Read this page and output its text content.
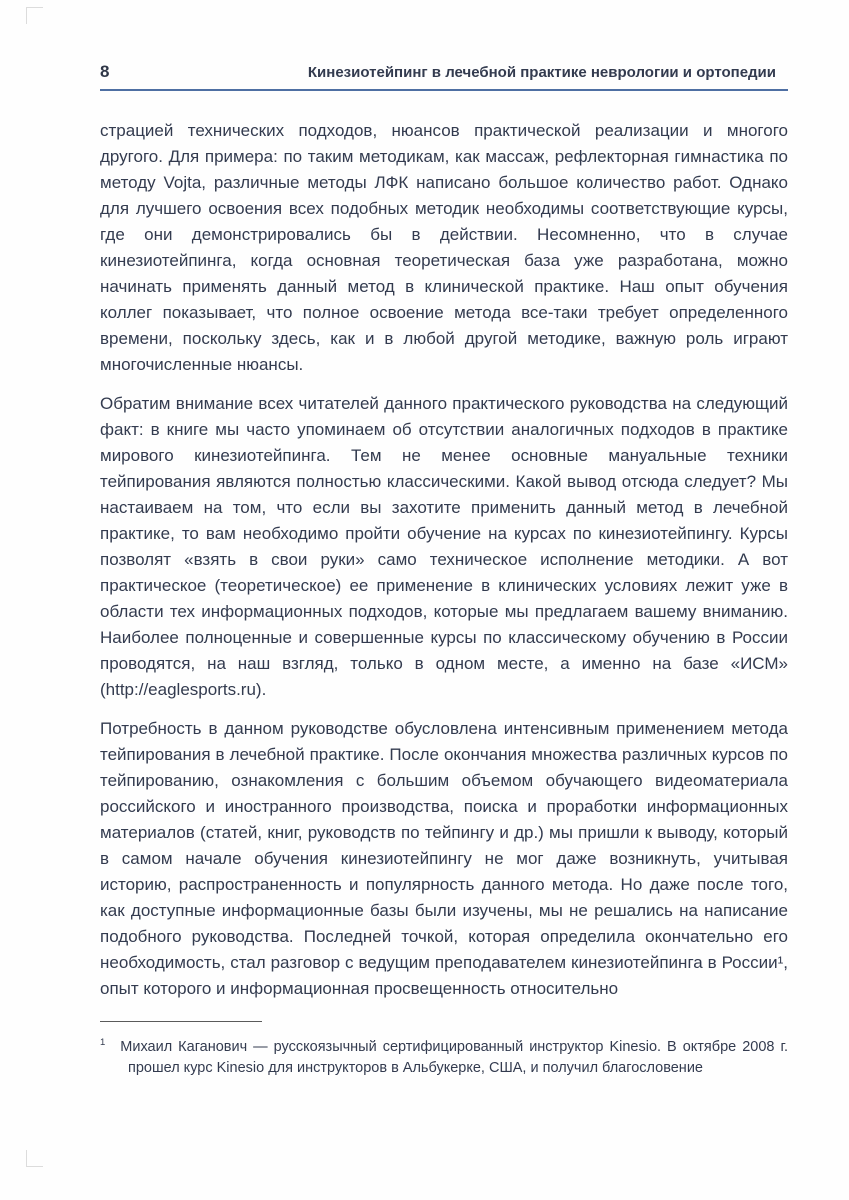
8	Кинезиотейпинг в лечебной практике неврологии и ортопедии

страцией технических подходов, нюансов практической реализации и многого другого. Для примера: по таким методикам, как массаж, рефлекторная гимнастика по методу Vojta, различные методы ЛФК написано большое количество работ. Однако для лучшего освоения всех подобных методик необходимы соответствующие курсы, где они демонстрировались бы в действии. Несомненно, что в случае кинезиотейпинга, когда основная теоретическая база уже разработана, можно начинать применять данный метод в клинической практике. Наш опыт обучения коллег показывает, что полное освоение метода все-таки требует определенного времени, поскольку здесь, как и в любой другой методике, важную роль играют многочисленные нюансы.

Обратим внимание всех читателей данного практического руководства на следующий факт: в книге мы часто упоминаем об отсутствии аналогичных подходов в практике мирового кинезиотейпинга. Тем не менее основные мануальные техники тейпирования являются полностью классическими. Какой вывод отсюда следует? Мы настаиваем на том, что если вы захотите применить данный метод в лечебной практике, то вам необходимо пройти обучение на курсах по кинезиотейпингу. Курсы позволят «взять в свои руки» само техническое исполнение методики. А вот практическое (теоретическое) ее применение в клинических условиях лежит уже в области тех информационных подходов, которые мы предлагаем вашему вниманию. Наиболее полноценные и совершенные курсы по классическому обучению в России проводятся, на наш взгляд, только в одном месте, а именно на базе «ИСМ» (http://eaglesports.ru).

Потребность в данном руководстве обусловлена интенсивным применением метода тейпирования в лечебной практике. После окончания множества различных курсов по тейпированию, ознакомления с большим объемом обучающего видеоматериала российского и иностранного производства, поиска и проработки информационных материалов (статей, книг, руководств по тейпингу и др.) мы пришли к выводу, который в самом начале обучения кинезиотейпингу не мог даже возникнуть, учитывая историю, распространенность и популярность данного метода. Но даже после того, как доступные информационные базы были изучены, мы не решались на написание подобного руководства. Последней точкой, которая определила окончательно его необходимость, стал разговор с ведущим преподавателем кинезиотейпинга в России¹, опыт которого и информационная просвещенность относительно

$^1$ Михаил Каганович — русскоязычный сертифицированный инструктор Kinesio. В октябре 2008 г. прошел курс Kinesio для инструкторов в Альбукерке, США, и получил благословение
